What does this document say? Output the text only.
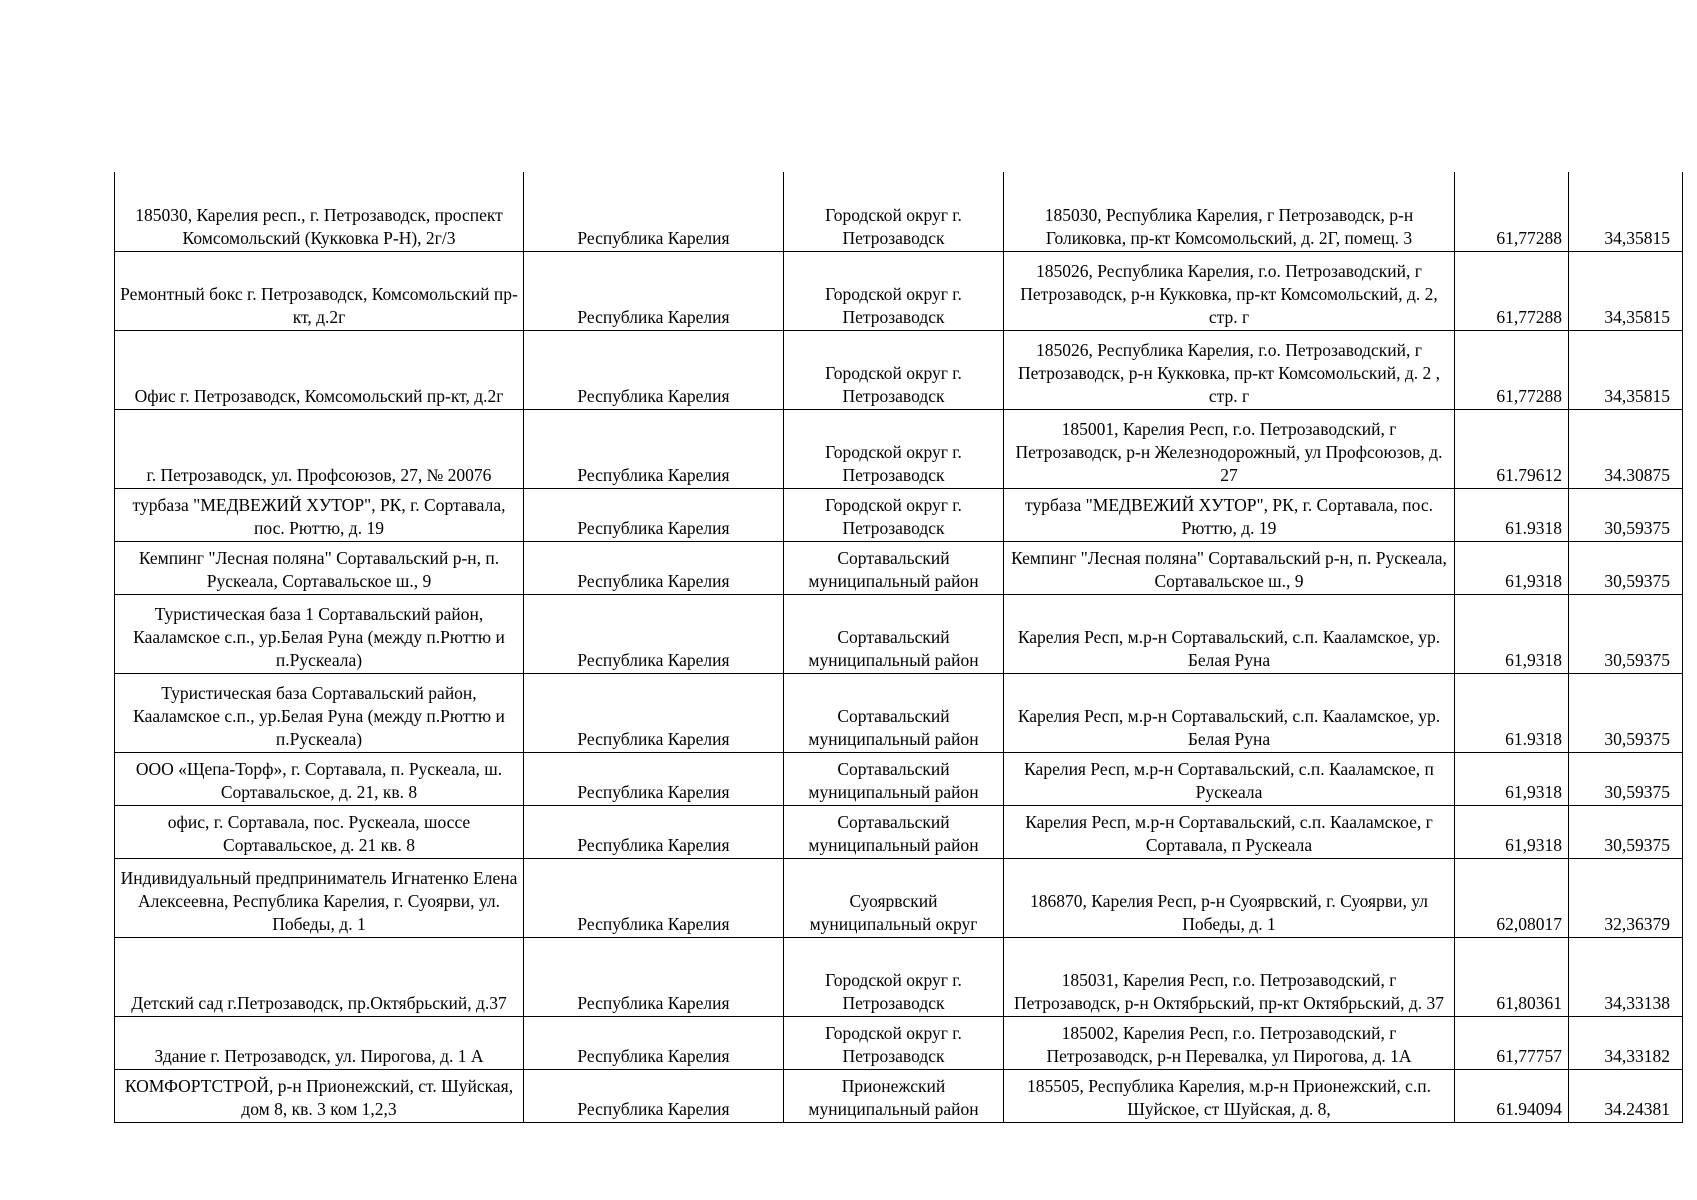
185030, Карелия респ., г. Петрозаводск, проспект Комсомольский (Кукковка Р-Н), 2г/3	Республика Карелия	Городской округ г. Петрозаводск	185030, Республика Карелия, г Петрозаводск, р-н Голиковка, пр-кт Комсомольский, д. 2Г, помещ. 3	61,77288	34,35815
Ремонтный бокс г. Петрозаводск, Комсомольский пр-кт, д.2г	Республика Карелия	Городской округ г. Петрозаводск	185026, Республика Карелия, г.о. Петрозаводский, г Петрозаводск, р-н Кукковка, пр-кт Комсомольский, д. 2, стр. г	61,77288	34,35815
Офис г. Петрозаводск, Комсомольский пр-кт, д.2г	Республика Карелия	Городской округ г. Петрозаводск	185026, Республика Карелия, г.о. Петрозаводский, г Петрозаводск, р-н Кукковка, пр-кт Комсомольский, д. 2 , стр. г	61,77288	34,35815
г. Петрозаводск, ул. Профсоюзов, 27, № 20076	Республика Карелия	Городской округ г. Петрозаводск	185001, Карелия Респ, г.о. Петрозаводский, г Петрозаводск, р-н Железнодорожный, ул Профсоюзов, д. 27	61.79612	34.30875
турбаза "МЕДВЕЖИЙ ХУТОР", РК, г. Сортавала, пос. Рюттю, д. 19	Республика Карелия	Городской округ г. Петрозаводск	турбаза "МЕДВЕЖИЙ ХУТОР", РК, г. Сортавала, пос. Рюттю, д. 19	61.9318	30,59375
Кемпинг "Лесная поляна" Сортавальский р-н, п. Рускеала, Сортавальское ш., 9	Республика Карелия	Сортавальский муниципальный район	Кемпинг "Лесная поляна" Сортавальский р-н, п. Рускеала, Сортавальское ш., 9	61,9318	30,59375
Туристическая база 1 Сортавальский район, Кааламское с.п., ур.Белая Руна (между п.Рюттю и п.Рускеала)	Республика Карелия	Сортавальский муниципальный район	Карелия Респ, м.р-н Сортавальский, с.п. Кааламское, ур. Белая Руна	61,9318	30,59375
Туристическая база Сортавальский район, Кааламское с.п., ур.Белая Руна (между п.Рюттю и п.Рускеала)	Республика Карелия	Сортавальский муниципальный район	Карелия Респ, м.р-н Сортавальский, с.п. Кааламское, ур. Белая Руна	61.9318	30,59375
ООО «Щепа-Торф», г. Сортавала, п. Рускеала, ш. Сортавальское, д. 21, кв. 8	Республика Карелия	Сортавальский муниципальный район	Карелия Респ, м.р-н Сортавальский, с.п. Кааламское, п Рускеала	61,9318	30,59375
офис, г. Сортавала, пос. Рускеала, шоссе Сортавальское, д. 21 кв. 8	Республика Карелия	Сортавальский муниципальный район	Карелия Респ, м.р-н Сортавальский, с.п. Кааламское, г Сортавала, п Рускеала	61,9318	30,59375
Индивидуальный предприниматель Игнатенко Елена Алексеевна, Республика Карелия, г. Суоярви, ул. Победы, д. 1	Республика Карелия	Суоярвский муниципальный округ	186870, Карелия Респ, р-н Суоярвский, г. Суоярви, ул Победы, д. 1	62,08017	32,36379
Детский сад г.Петрозаводск, пр.Октябрьский, д.37	Республика Карелия	Городской округ г. Петрозаводск	185031, Карелия Респ, г.о. Петрозаводский, г Петрозаводск, р-н Октябрьский, пр-кт Октябрьский, д. 37	61,80361	34,33138
Здание г. Петрозаводск, ул. Пирогова, д. 1 А	Республика Карелия	Городской округ г. Петрозаводск	185002, Карелия Респ, г.о. Петрозаводский, г Петрозаводск, р-н Перевалка, ул Пирогова, д. 1А	61,77757	34,33182
КОМФОРТСТРОЙ, р-н Прионежский, ст. Шуйская, дом 8, кв. 3 ком 1,2,3	Республика Карелия	Прионежский муниципальный район	185505, Республика Карелия, м.р-н Прионежский, с.п. Шуйское, ст Шуйская, д. 8,	61.94094	34.24381
